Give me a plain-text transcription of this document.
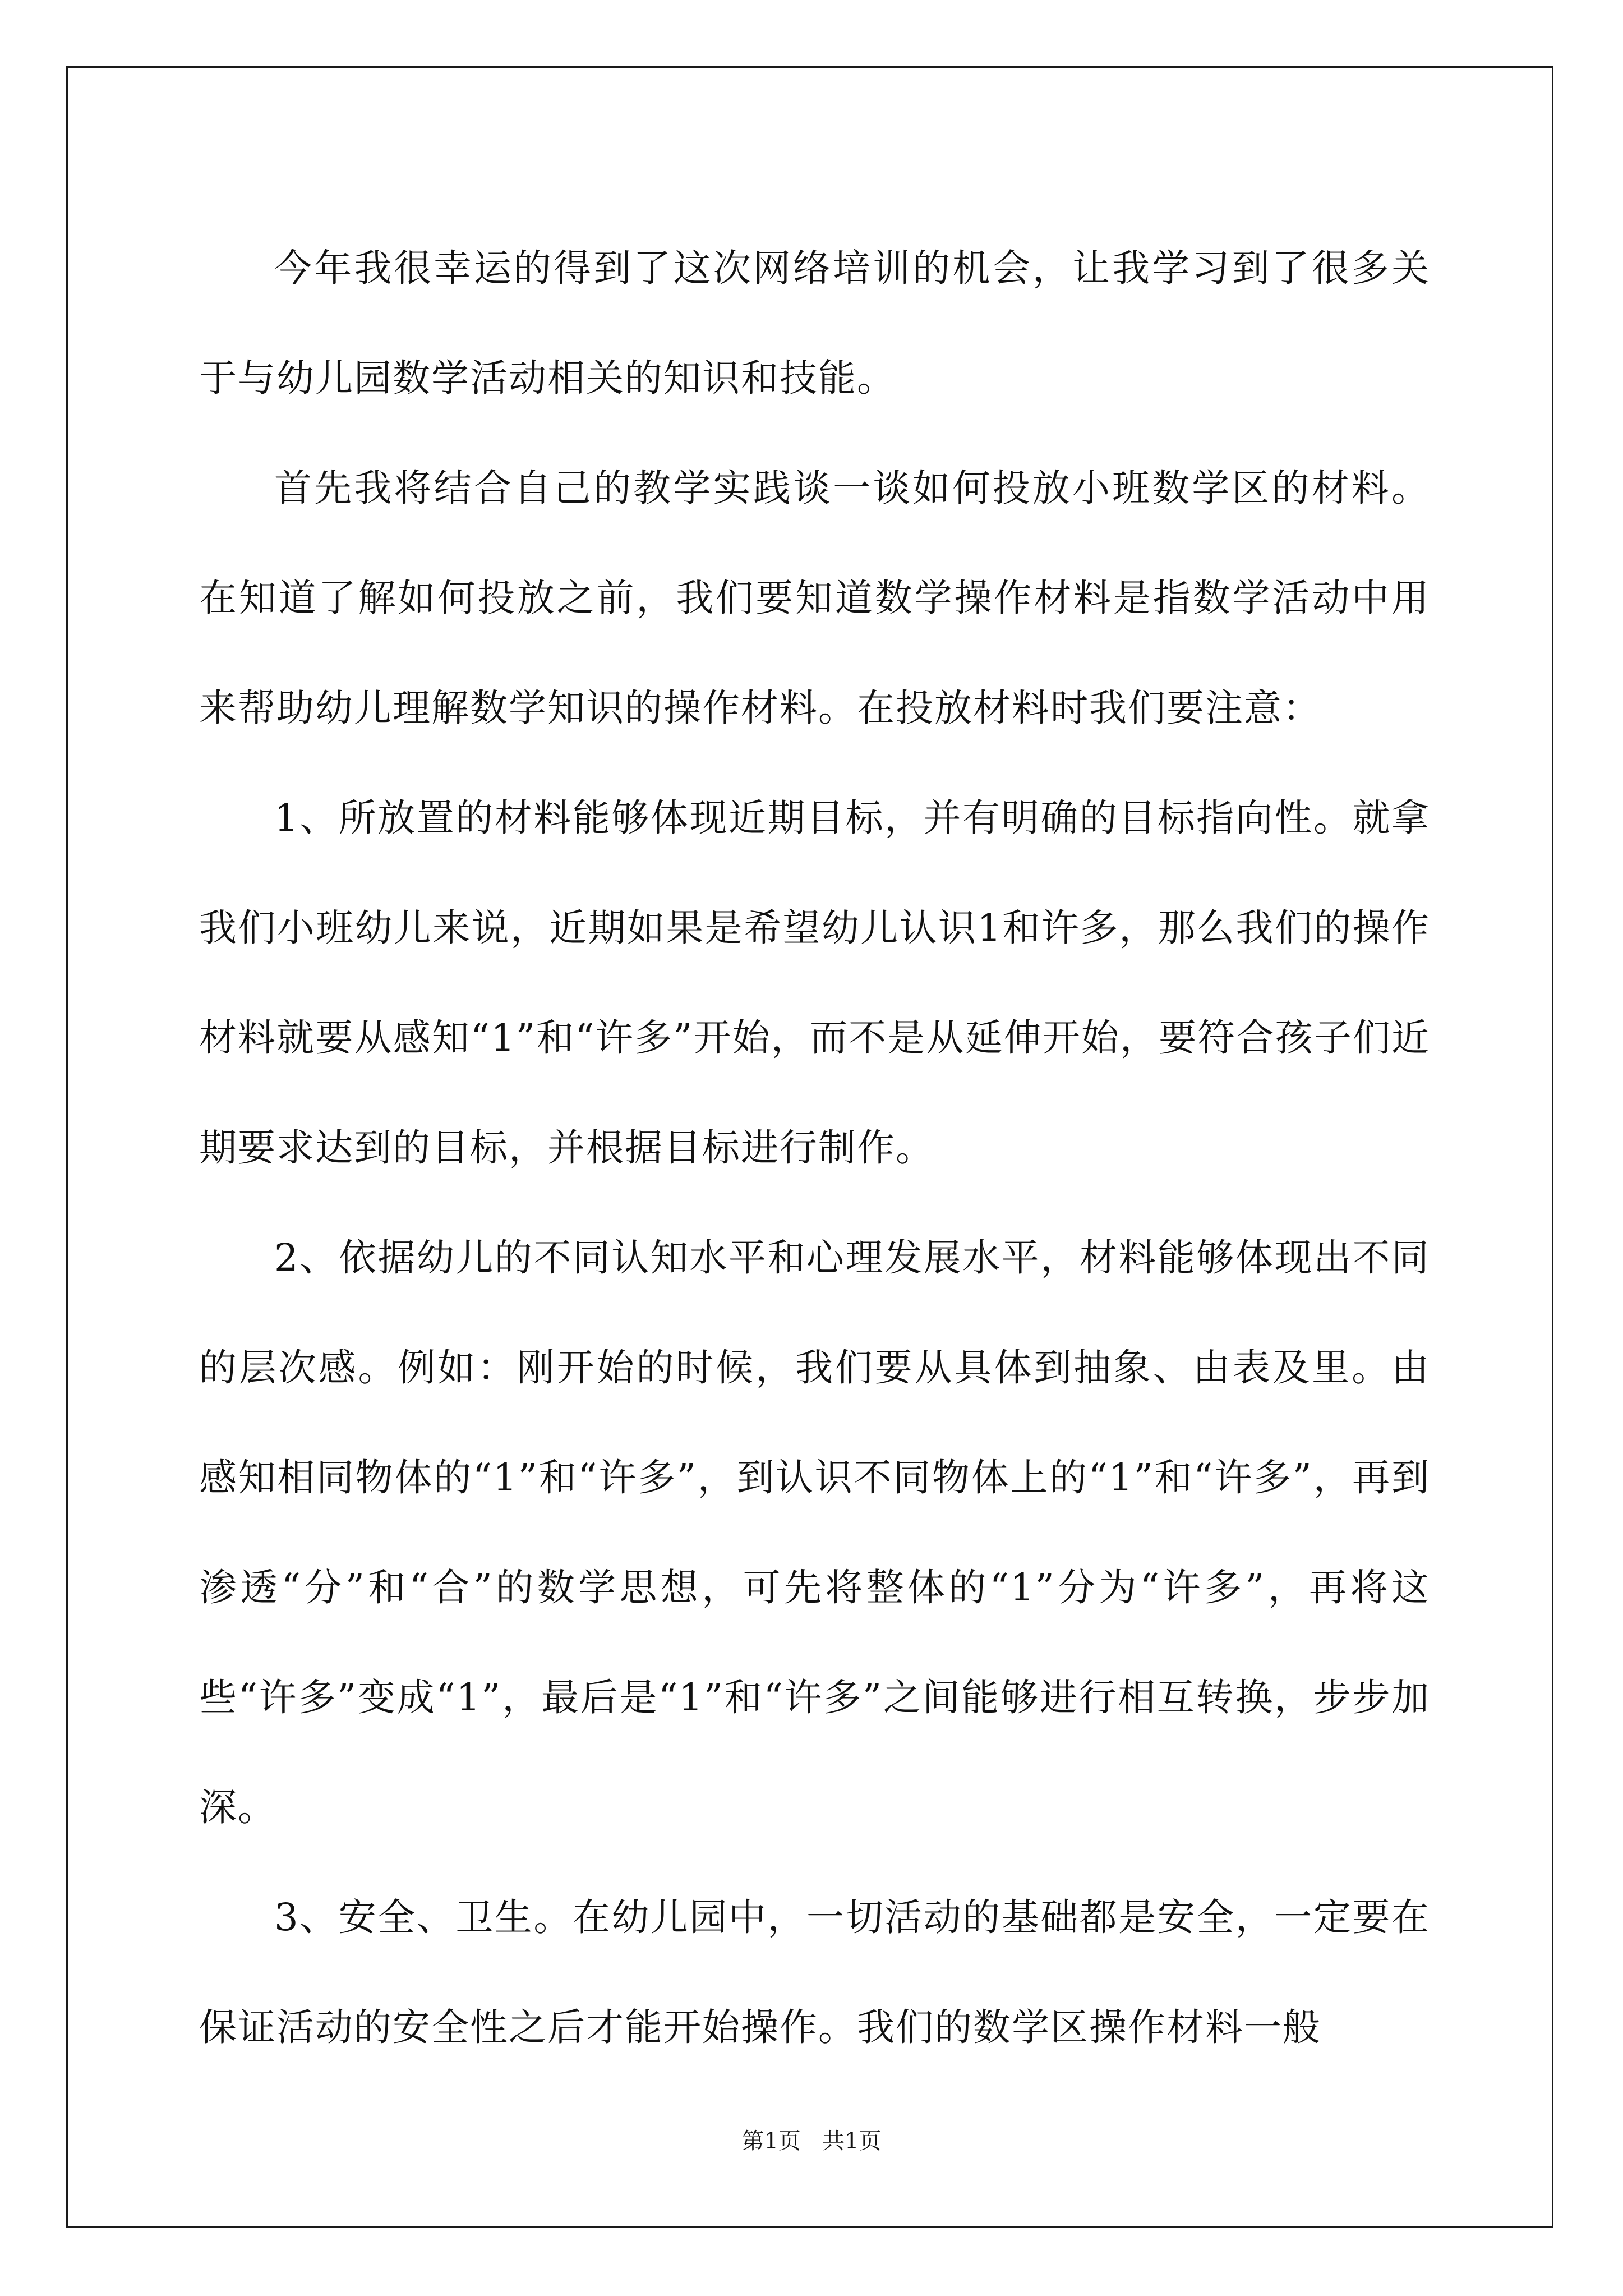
今年我很幸运的得到了这次网络培训的机会，让我学习到了很多关于与幼儿园数学活动相关的知识和技能。

首先我将结合自己的教学实践谈一谈如何投放小班数学区的材料。在知道了解如何投放之前，我们要知道数学操作材料是指数学活动中用来帮助幼儿理解数学知识的操作材料。在投放材料时我们要注意：

1、所放置的材料能够体现近期目标，并有明确的目标指向性。就拿我们小班幼儿来说，近期如果是希望幼儿认识1和许多，那么我们的操作材料就要从感知“1”和“许多”开始，而不是从延伸开始，要符合孩子们近期要求达到的目标，并根据目标进行制作。

2、依据幼儿的不同认知水平和心理发展水平，材料能够体现出不同的层次感。例如：刚开始的时候，我们要从具体到抽象、由表及里。由感知相同物体的“1”和“许多”，到认识不同物体上的“1”和“许多”，再到渗透“分”和“合”的数学思想，可先将整体的“1”分为“许多”，再将这些“许多”变成“1”，最后是“1”和“许多”之间能够进行相互转换，步步加深。

3、安全、卫生。在幼儿园中，一切活动的基础都是安全，一定要在保证活动的安全性之后才能开始操作。我们的数学区操作材料一般

第1页   共1页
